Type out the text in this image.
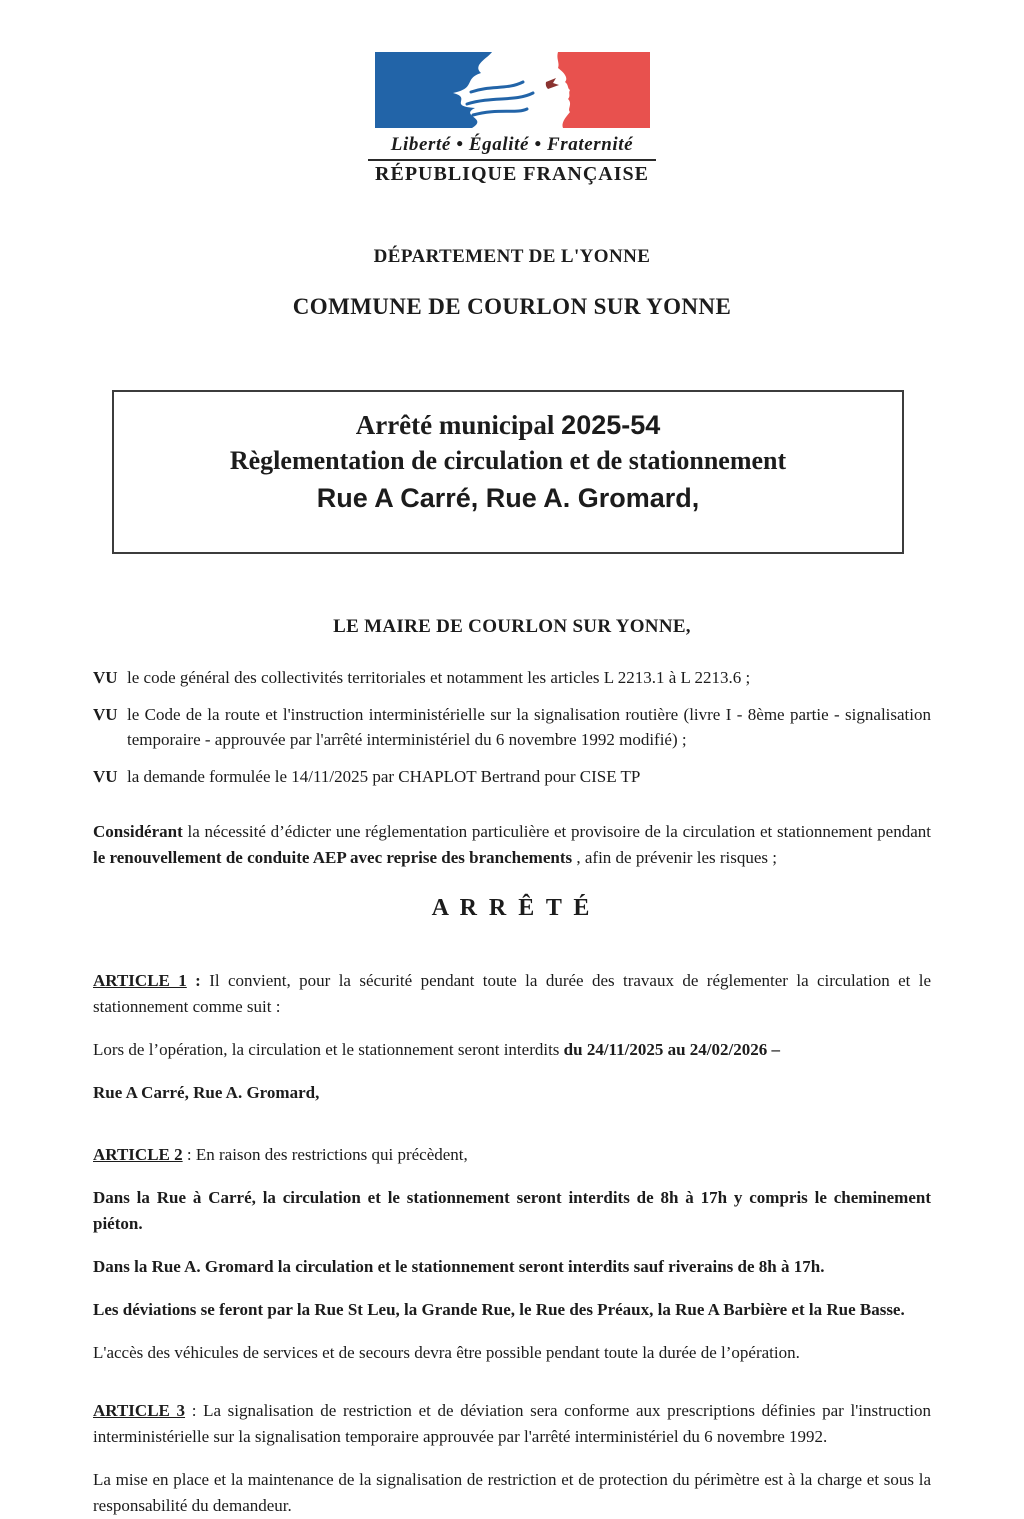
Liberté • Égalité • Fraternité
RÉPUBLIQUE FRANÇAISE
DÉPARTEMENT DE L'YONNE
COMMUNE DE COURLON SUR YONNE
Arrêté municipal 2025-54
Règlementation de circulation et de stationnement
Rue A Carré, Rue A. Gromard,
LE MAIRE DE COURLON SUR YONNE,
VU le code général des collectivités territoriales et notamment les articles L 2213.1 à L 2213.6 ;
VU le Code de la route et l'instruction interministérielle sur la signalisation routière (livre I - 8ème partie - signalisation temporaire - approuvée par l'arrêté interministériel du 6 novembre 1992 modifié) ;
VU la demande formulée le 14/11/2025 par CHAPLOT Bertrand pour CISE TP

Considérant la nécessité d’édicter une réglementation particulière et provisoire de la circulation et stationnement pendant le renouvellement de conduite AEP avec reprise des branchements , afin de prévenir les risques ;

A R R Ê T É

ARTICLE 1 : Il convient, pour la sécurité pendant toute la durée des travaux de réglementer la circulation et le stationnement comme suit :

Lors de l’opération, la circulation et le stationnement seront interdits du 24/11/2025 au 24/02/2026 –

Rue A Carré, Rue A. Gromard,

ARTICLE 2 : En raison des restrictions qui précèdent,

Dans la Rue à Carré, la circulation et le stationnement seront interdits de 8h à 17h y compris le cheminement piéton.

Dans la Rue A. Gromard la circulation et le stationnement seront interdits sauf riverains de 8h à 17h.

Les déviations se feront par la Rue St Leu, la Grande Rue, le Rue des Préaux, la Rue A Barbière et la Rue Basse.

L'accès des véhicules de services et de secours devra être possible pendant toute la durée de l’opération.

ARTICLE 3 : La signalisation de restriction et de déviation sera conforme aux prescriptions définies par l'instruction interministérielle sur la signalisation temporaire approuvée par l'arrêté interministériel du 6 novembre 1992.

La mise en place et la maintenance de la signalisation de restriction et de protection du périmètre est à la charge et sous la responsabilité du demandeur.
